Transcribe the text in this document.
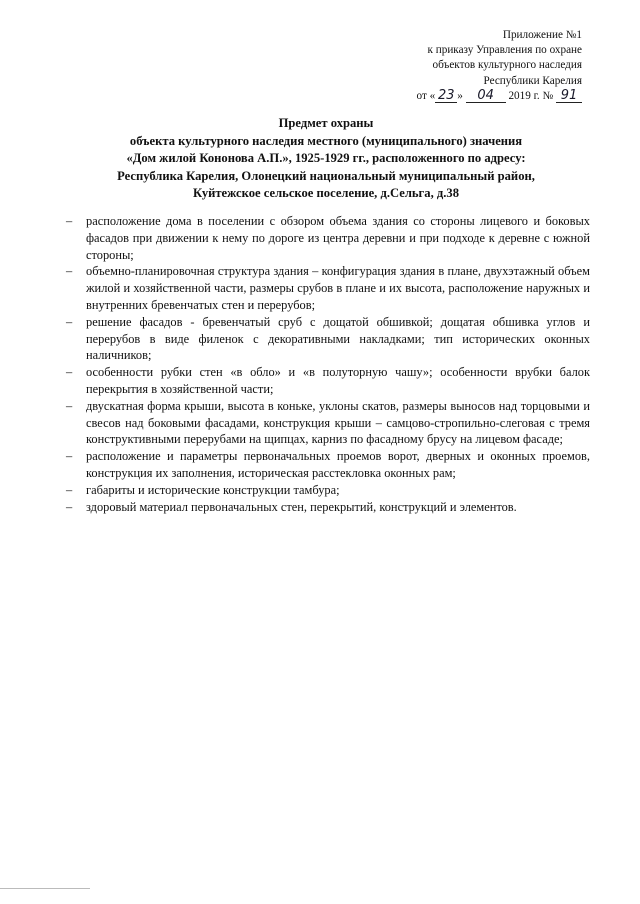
Приложение №1
к приказу Управления по охране
объектов культурного наследия
Республики Карелия
от « 23 » 04 2019 г. № 91
Предмет охраны
объекта культурного наследия местного (муниципального) значения
«Дом жилой Кононова А.П.», 1925-1929 гг., расположенного по адресу:
Республика Карелия, Олонецкий национальный муниципальный район,
Куйтежское сельское поселение, д.Сельга, д.38
– расположение дома в поселении с обзором объема здания со стороны лицевого и боковых фасадов при движении к нему по дороге из центра деревни и при подходе к деревне с южной стороны;
– объемно-планировочная структура здания – конфигурация здания в плане, двухэтажный объем жилой и хозяйственной части, размеры срубов в плане и их высота, расположение наружных и внутренних бревенчатых стен и перерубов;
– решение фасадов - бревенчатый сруб с дощатой обшивкой; дощатая обшивка углов и перерубов в виде филенок с декоративными накладками; тип исторических оконных наличников;
– особенности рубки стен «в обло» и «в полуторную чашу»; особенности врубки балок перекрытия в хозяйственной части;
– двускатная форма крыши, высота в коньке, уклоны скатов, размеры выносов над торцовыми и свесов над боковыми фасадами, конструкция крыши – самцово-стропильно-слеговая с тремя конструктивными перерубами на щипцах, карниз по фасадному брусу на лицевом фасаде;
– расположение и параметры первоначальных проемов ворот, дверных и оконных проемов, конструкция их заполнения, историческая расстекловка оконных рам;
– габариты и исторические конструкции тамбура;
– здоровый материал первоначальных стен, перекрытий, конструкций и элементов.
